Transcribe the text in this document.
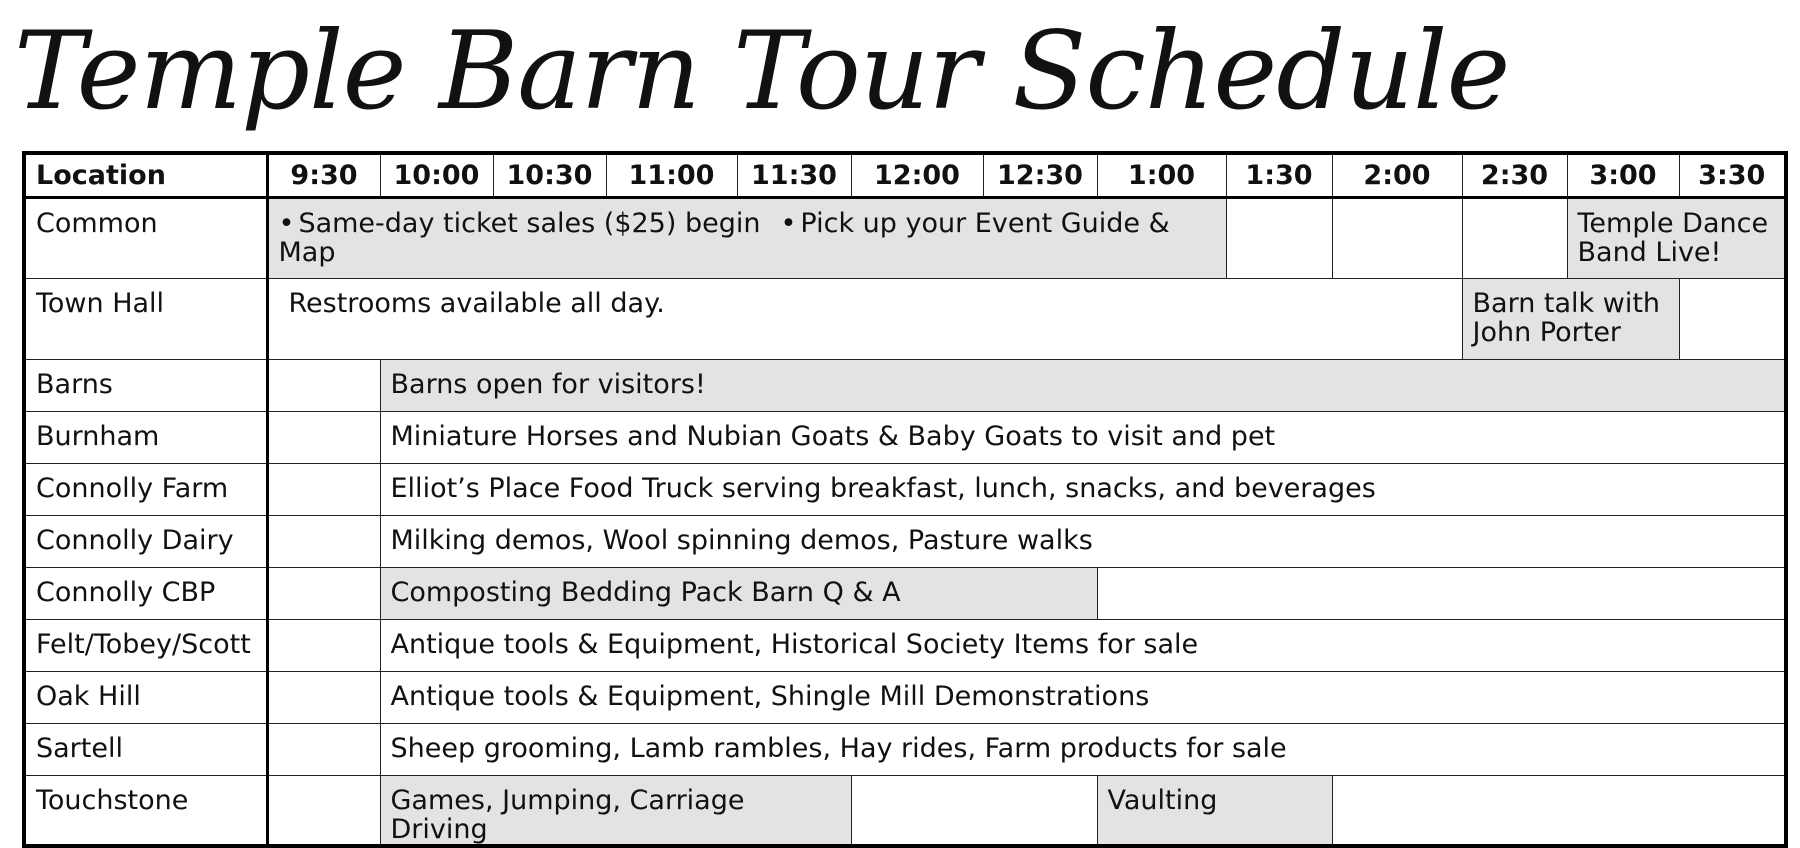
Temple Barn Tour Schedule
Location	9:30	10:00	10:30	11:00	11:30	12:00	12:30	1:00	1:30	2:00	2:30	3:00	3:30
Common	• Same-day ticket sales ($25) begin • Pick up your Event Guide & Map											Temple Dance Band Live!	
Town Hall	Restrooms available all day.										Barn talk with John Porter		
Barns		Barns open for visitors!											
Burnham		Miniature Horses and Nubian Goats & Baby Goats to visit and pet											
Connolly Farm		Elliot’s Place Food Truck serving breakfast, lunch, snacks, and beverages											
Connolly Dairy		Milking demos, Wool spinning demos, Pasture walks											
Connolly CBP		Composting Bedding Pack Barn Q & A											
Felt/Tobey/Scott		Antique tools & Equipment, Historical Society Items for sale											
Oak Hill		Antique tools & Equipment, Shingle Mill Demonstrations											
Sartell		Sheep grooming, Lamb rambles, Hay rides, Farm products for sale											
Touchstone		Games, Jumping, Carriage Driving						Vaulting					
